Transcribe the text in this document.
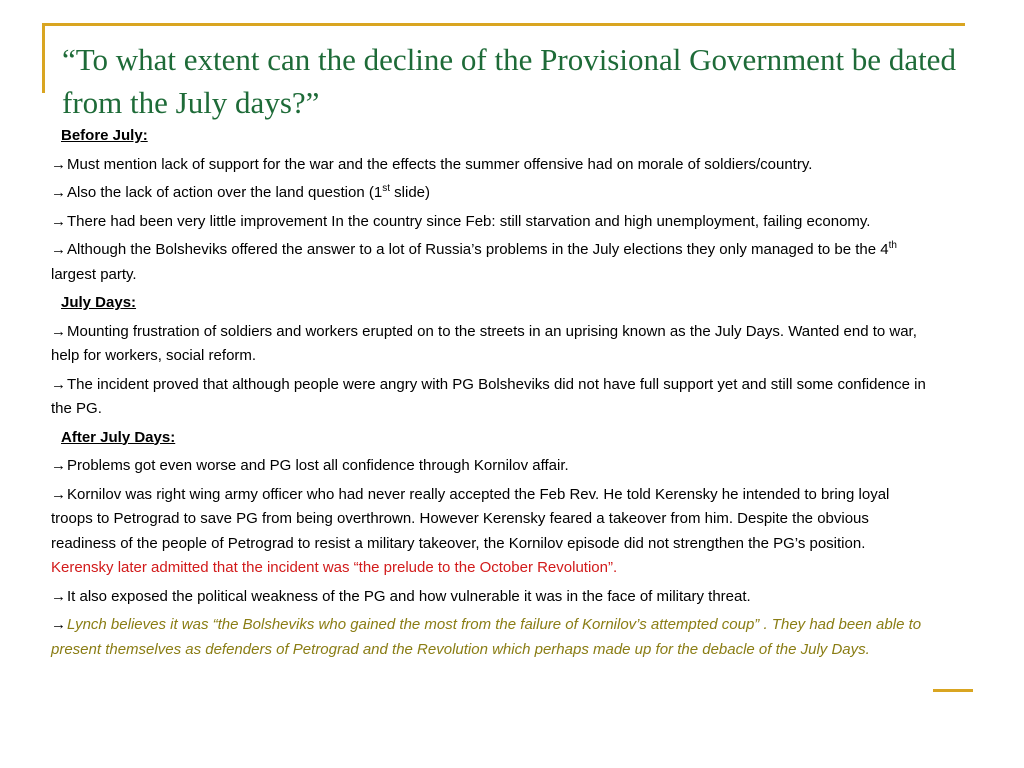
“To what extent can the decline of the Provisional Government be dated from the July days?”

Before July:

→Must mention lack of support for the war and the effects the summer offensive had on morale of soldiers/country.

→Also the lack of action over the land question (1st slide)

→There had been very little improvement In the country since Feb: still starvation and high unemployment, failing economy.

→Although the Bolsheviks offered the answer to a lot of Russia’s problems in the July elections they only managed to be the 4th largest party.

July Days:

→Mounting frustration of soldiers and workers erupted on to the streets in an uprising known as the July Days. Wanted end to war, help for workers, social reform.

→The incident proved that although people were angry with PG Bolsheviks did not have full support yet and still some confidence in the PG.

After July Days:

→Problems got even worse and PG lost all confidence through Kornilov affair.

→Kornilov was right wing army officer who had never really accepted the Feb Rev. He told Kerensky he intended to bring loyal troops to Petrograd to save PG from being overthrown. However Kerensky feared a takeover from him. Despite the obvious readiness of the people of Petrograd to resist a military takeover, the Kornilov episode did not strengthen the PG’s position. Kerensky later admitted that the incident was “the prelude to the October Revolution”.

→It also exposed the political weakness of the PG and how vulnerable it was in the face of military threat.

→Lynch believes it was “the Bolsheviks who gained the most from the failure of Kornilov’s attempted coup” . They had been able to present themselves as defenders of Petrograd and the Revolution which perhaps made up for the debacle of the July Days.
